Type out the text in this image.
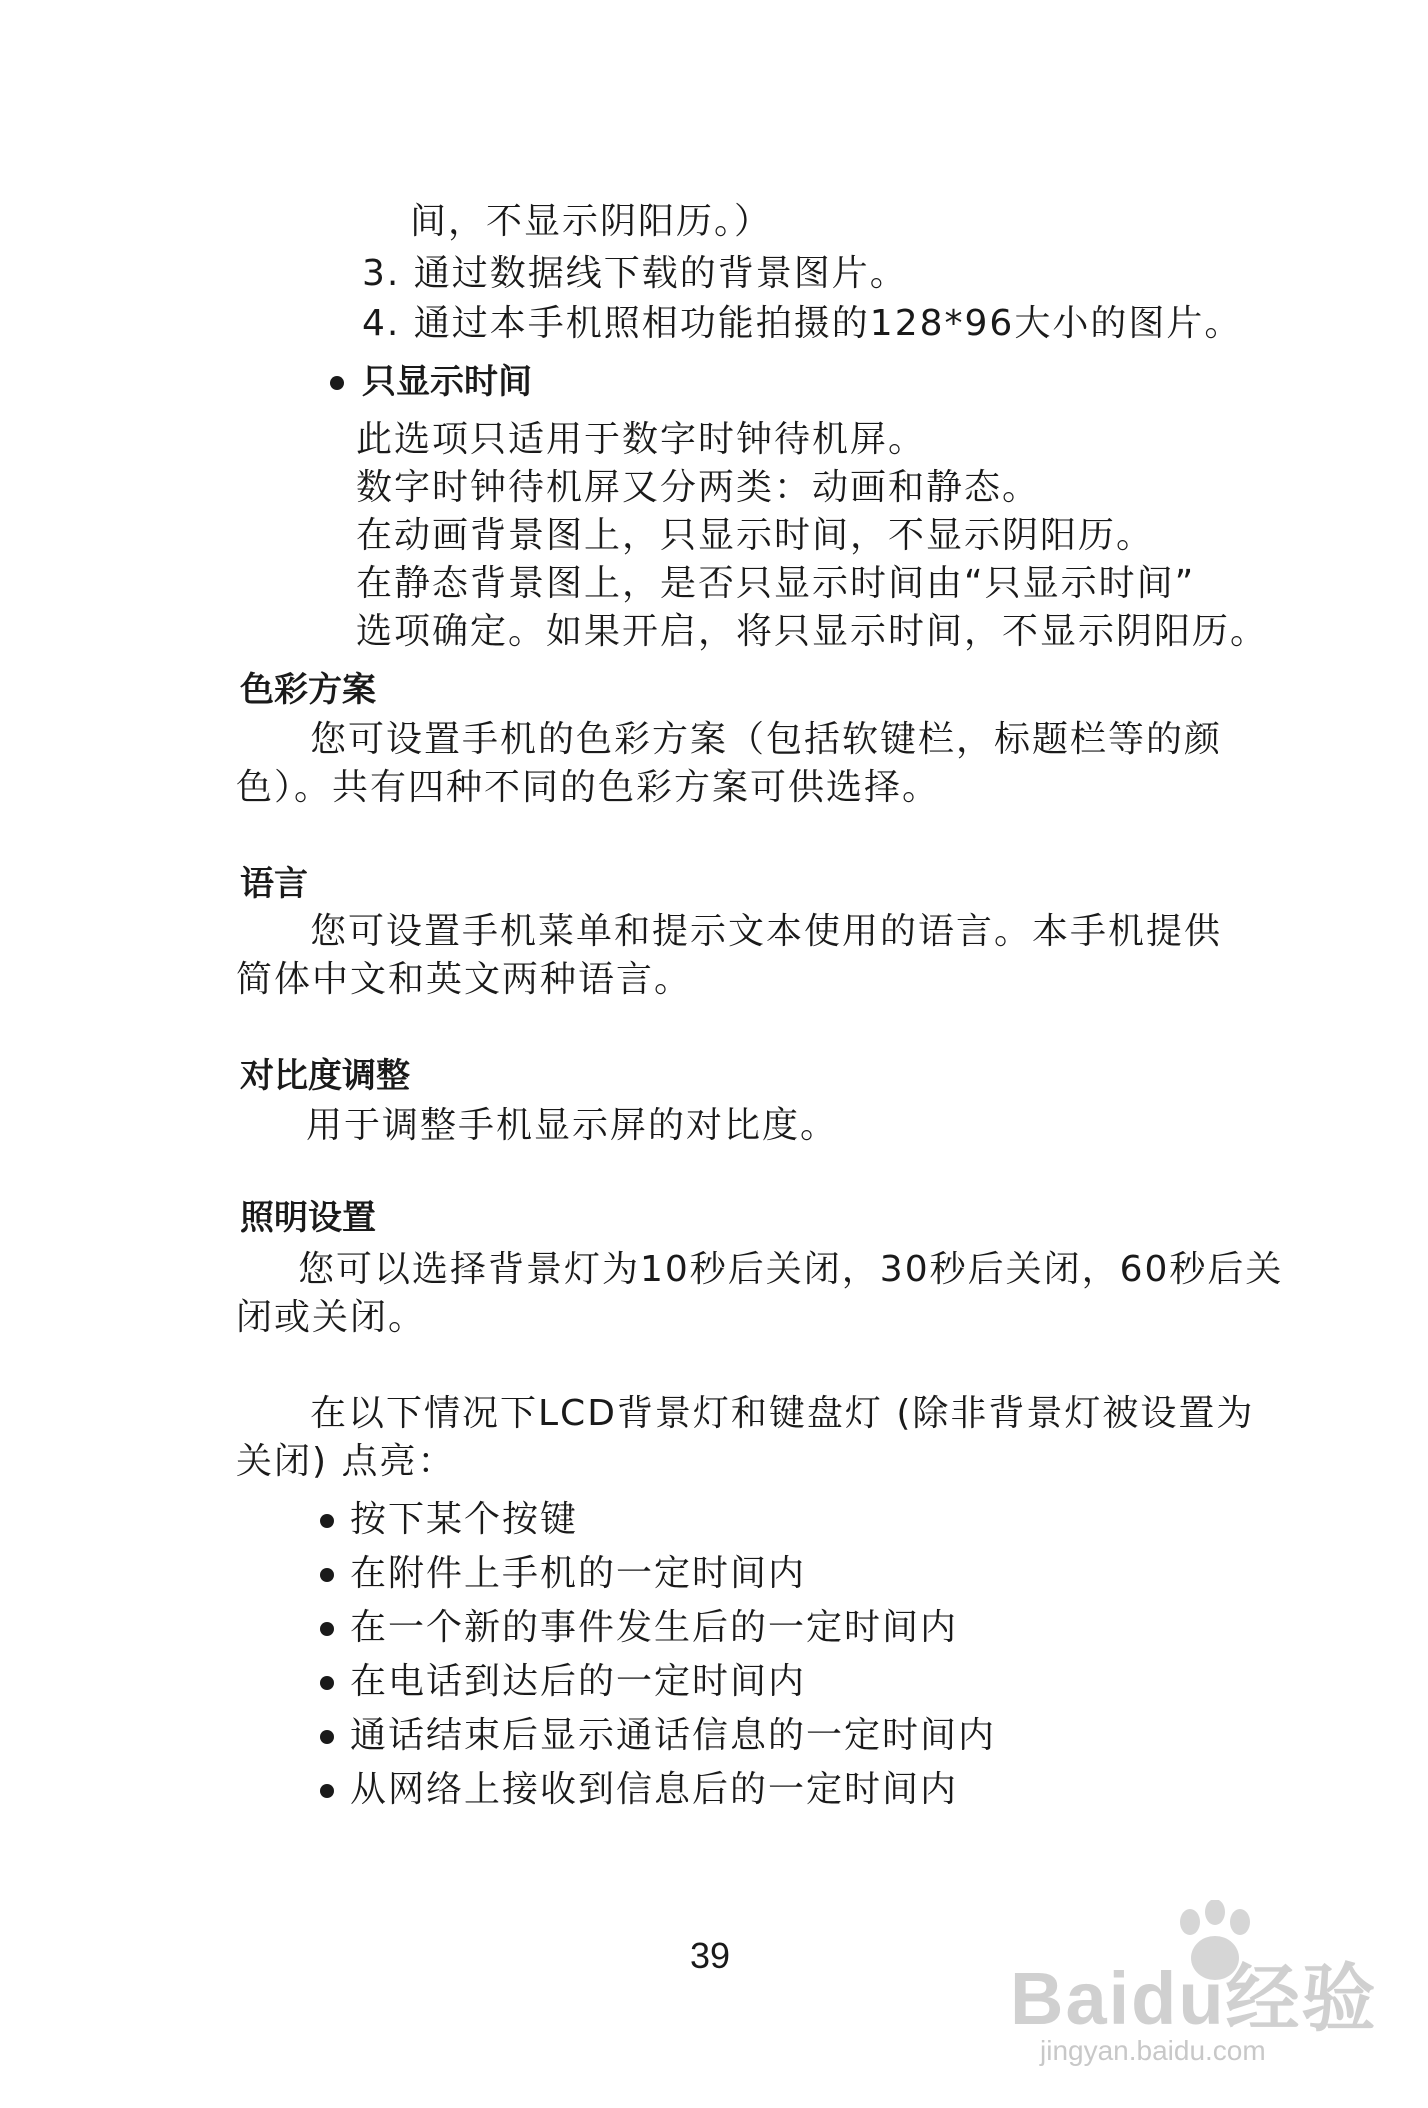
间，不显示阴阳历。）
3. 通过数据线下载的背景图片。
4. 通过本手机照相功能拍摄的128*96大小的图片。
只显示时间
此选项只适用于数字时钟待机屏。
数字时钟待机屏又分两类：动画和静态。
在动画背景图上，只显示时间，不显示阴阳历。
在静态背景图上，是否只显示时间由“只显示时间”
选项确定。如果开启，将只显示时间，不显示阴阳历。
色彩方案
您可设置手机的色彩方案（包括软键栏，标题栏等的颜
色）。共有四种不同的色彩方案可供选择。
语言
您可设置手机菜单和提示文本使用的语言。本手机提供
简体中文和英文两种语言。
对比度调整
用于调整手机显示屏的对比度。
照明设置
您可以选择背景灯为10秒后关闭，30秒后关闭，60秒后关
闭或关闭。
在以下情况下LCD背景灯和键盘灯 (除非背景灯被设置为
关闭) 点亮：
按下某个按键
在附件上手机的一定时间内
在一个新的事件发生后的一定时间内
在电话到达后的一定时间内
通话结束后显示通话信息的一定时间内
从网络上接收到信息后的一定时间内
39
Baidu经验
jingyan.baidu.com
